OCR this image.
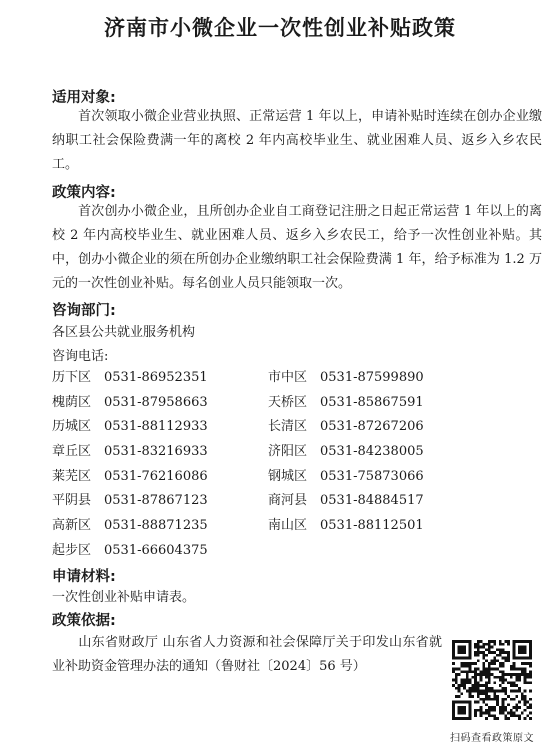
济南市小微企业一次性创业补贴政策
适用对象:
首次领取小微企业营业执照、正常运营 1 年以上，申请补贴时连续在创办企业缴纳职工社会保险费满一年的离校 2 年内高校毕业生、就业困难人员、返乡入乡农民工。
政策内容:
首次创办小微企业，且所创办企业自工商登记注册之日起正常运营 1 年以上的离校 2 年内高校毕业生、就业困难人员、返乡入乡农民工，给予一次性创业补贴。其中，创办小微企业的须在所创办企业缴纳职工社会保险费满 1 年，给予标准为 1.2 万元的一次性创业补贴。每名创业人员只能领取一次。
咨询部门:
各区县公共就业服务机构
咨询电话:
历下区 0531-86952351	市中区 0531-87599890
槐荫区 0531-87958663	天桥区 0531-85867591
历城区 0531-88112933	长清区 0531-87267206
章丘区 0531-83216933	济阳区 0531-84238005
莱芜区 0531-76216086	钢城区 0531-75873066
平阴县 0531-87867123	商河县 0531-84884517
高新区 0531-88871235	南山区 0531-88112501
起步区 0531-66604375
申请材料:
一次性创业补贴申请表。
政策依据:
山东省财政厅 山东省人力资源和社会保障厅关于印发山东省就业补助资金管理办法的通知（鲁财社〔2024〕56 号）
扫码查看政策原文
